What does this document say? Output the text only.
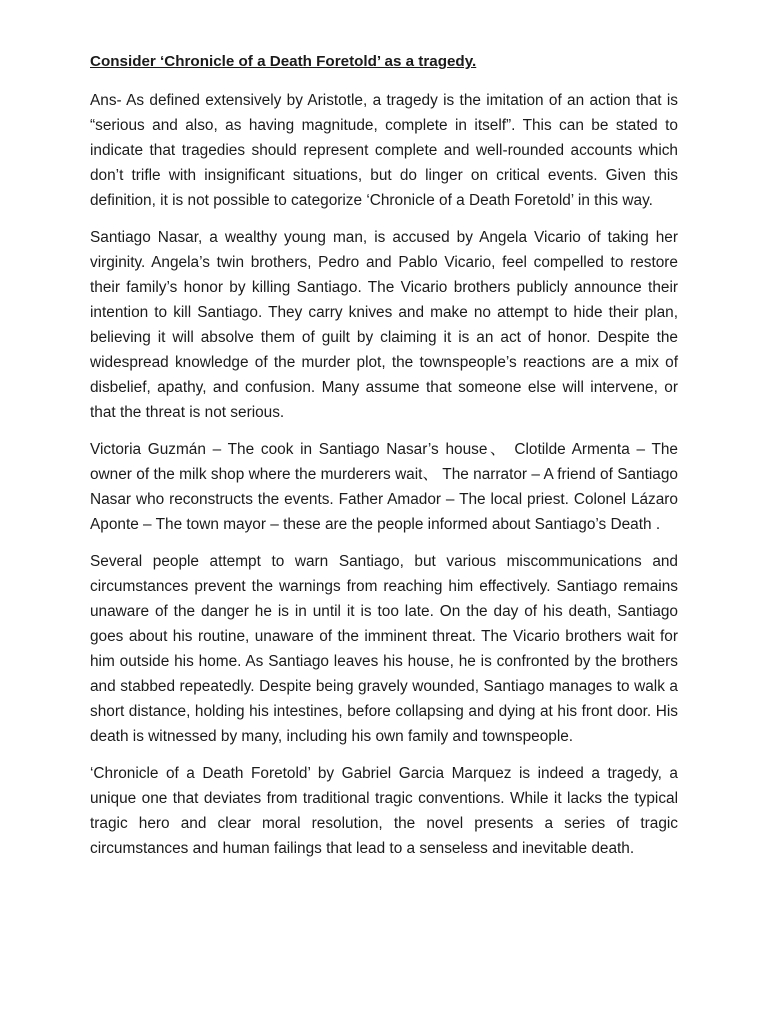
Consider ‘Chronicle of a Death Foretold’ as a tragedy.

Ans- As defined extensively by Aristotle, a tragedy is the imitation of an action that is “serious and also, as having magnitude, complete in itself”. This can be stated to indicate that tragedies should represent complete and well-rounded accounts which don’t trifle with insignificant situations, but do linger on critical events. Given this definition, it is not possible to categorize ‘Chronicle of a Death Foretold’ in this way.

Santiago Nasar, a wealthy young man, is accused by Angela Vicario of taking her virginity. Angela’s twin brothers, Pedro and Pablo Vicario, feel compelled to restore their family’s honor by killing Santiago. The Vicario brothers publicly announce their intention to kill Santiago. They carry knives and make no attempt to hide their plan, believing it will absolve them of guilt by claiming it is an act of honor. Despite the widespread knowledge of the murder plot, the townspeople’s reactions are a mix of disbelief, apathy, and confusion. Many assume that someone else will intervene, or that the threat is not serious.

Victoria Guzmán – The cook in Santiago Nasar’s house、 Clotilde Armenta – The owner of the milk shop where the murderers wait、 The narrator – A friend of Santiago Nasar who reconstructs the events. Father Amador – The local priest. Colonel Lázaro Aponte – The town mayor – these are the people informed about Santiago’s Death .

Several people attempt to warn Santiago, but various miscommunications and circumstances prevent the warnings from reaching him effectively. Santiago remains unaware of the danger he is in until it is too late. On the day of his death, Santiago goes about his routine, unaware of the imminent threat. The Vicario brothers wait for him outside his home. As Santiago leaves his house, he is confronted by the brothers and stabbed repeatedly. Despite being gravely wounded, Santiago manages to walk a short distance, holding his intestines, before collapsing and dying at his front door. His death is witnessed by many, including his own family and townspeople.

‘Chronicle of a Death Foretold’ by Gabriel Garcia Marquez is indeed a tragedy, a unique one that deviates from traditional tragic conventions. While it lacks the typical tragic hero and clear moral resolution, the novel presents a series of tragic circumstances and human failings that lead to a senseless and inevitable death.
